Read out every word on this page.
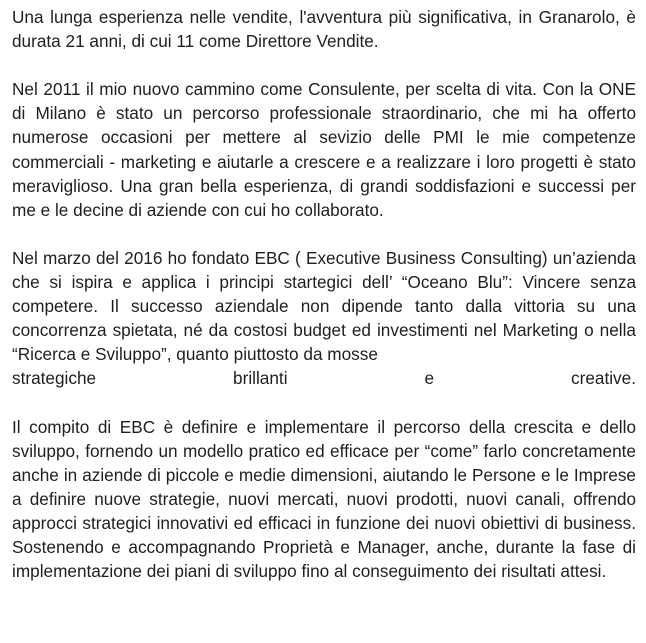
Una lunga esperienza nelle vendite, l'avventura più significativa, in Granarolo, è durata 21 anni, di cui 11 come Direttore Vendite.

Nel 2011 il mio nuovo cammino come Consulente, per scelta di vita. Con la ONE di Milano è stato un percorso professionale straordinario, che mi ha offerto numerose occasioni per mettere al sevizio delle PMI le mie competenze commerciali - marketing e aiutarle a crescere e a realizzare i loro progetti è stato meraviglioso. Una gran bella esperienza, di grandi soddisfazioni e successi per me e le decine di aziende con cui ho collaborato.

Nel marzo del 2016 ho fondato EBC ( Executive Business Consulting) un’azienda che si ispira e applica i principi startegici dell’ “Oceano Blu”: Vincere senza competere. Il successo aziendale non dipende tanto dalla vittoria su una concorrenza spietata, né da costosi budget ed investimenti nel Marketing o nella “Ricerca e Sviluppo”, quanto piuttosto da mosse
strategiche brillanti e creative.

Il compito di EBC è definire e implementare il percorso della crescita e dello sviluppo, fornendo un modello pratico ed efficace per “come” farlo concretamente anche in aziende di piccole e medie dimensioni, aiutando le Persone e le Imprese a definire nuove strategie, nuovi mercati, nuovi prodotti, nuovi canali, offrendo approcci strategici innovativi ed efficaci in funzione dei nuovi obiettivi di business. Sostenendo e accompagnando Proprietà e Manager, anche, durante la fase di implementazione dei piani di sviluppo fino al conseguimento dei risultati attesi.
